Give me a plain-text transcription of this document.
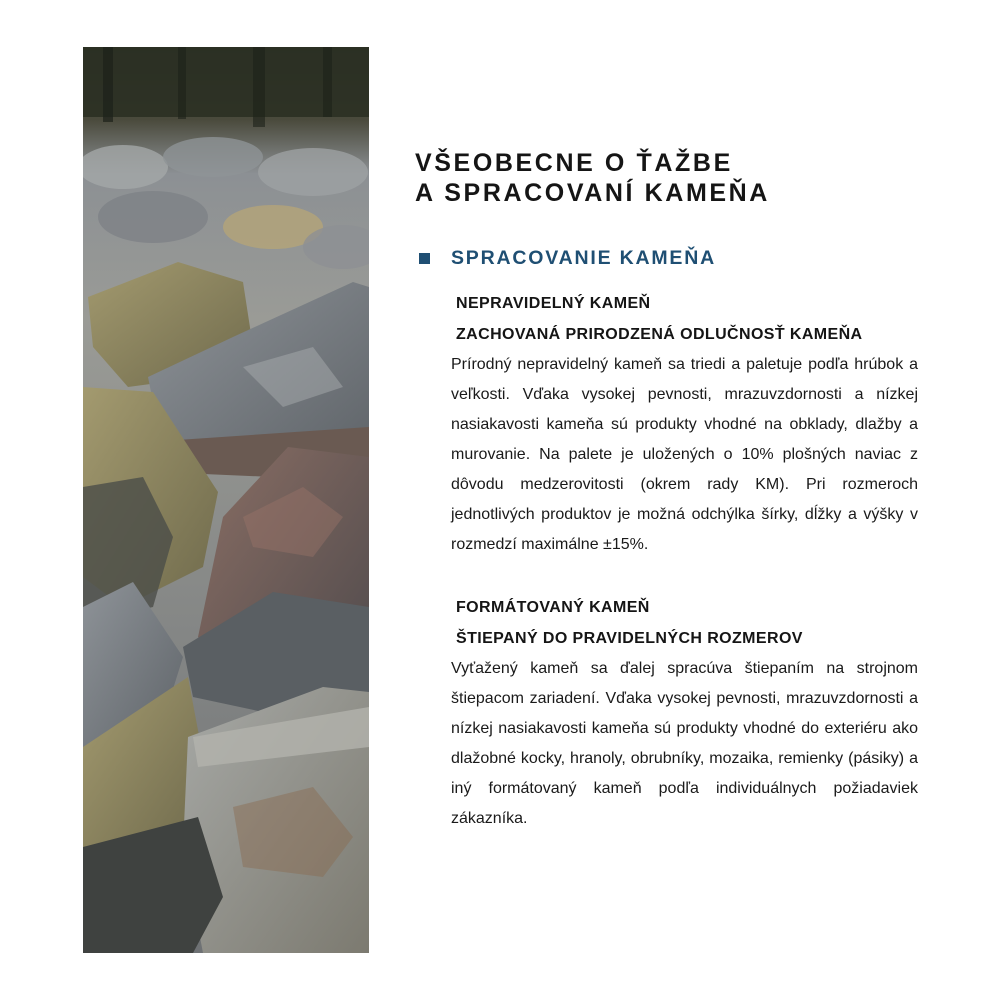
VŠEOBECNE O ŤAŽBE
A SPRACOVANÍ KAMEŇA
SPRACOVANIE KAMEŇA
NEPRAVIDELNÝ KAMEŇ
ZACHOVANÁ PRIRODZENÁ ODLUČNOSŤ KAMEŇA

Prírodný nepravidelný kameň sa triedi a paletuje podľa hrúbok a veľkosti. Vďaka vysokej pevnosti, mrazuvzdornosti a nízkej nasiakavosti kameňa sú produkty vhodné na obklady, dlažby a murovanie. Na palete je uložených o 10% plošných naviac z dôvodu medzerovitosti (okrem rady KM). Pri rozmeroch jednotlivých produktov je možná odchýlka šírky, dĺžky a výšky v rozmedzí maximálne ±15%.

FORMÁTOVANÝ KAMEŇ
ŠTIEPANÝ DO PRAVIDELNÝCH ROZMEROV

Vyťažený kameň sa ďalej spracúva štiepaním na strojnom štiepacom zariadení. Vďaka vysokej pevnosti, mrazuvzdornosti a nízkej nasiakavosti kameňa sú produkty vhodné do exteriéru ako dlažobné kocky, hranoly, obrubníky, mozaika, remienky (pásiky) a iný formátovaný kameň podľa individuálnych požiadaviek zákazníka.
